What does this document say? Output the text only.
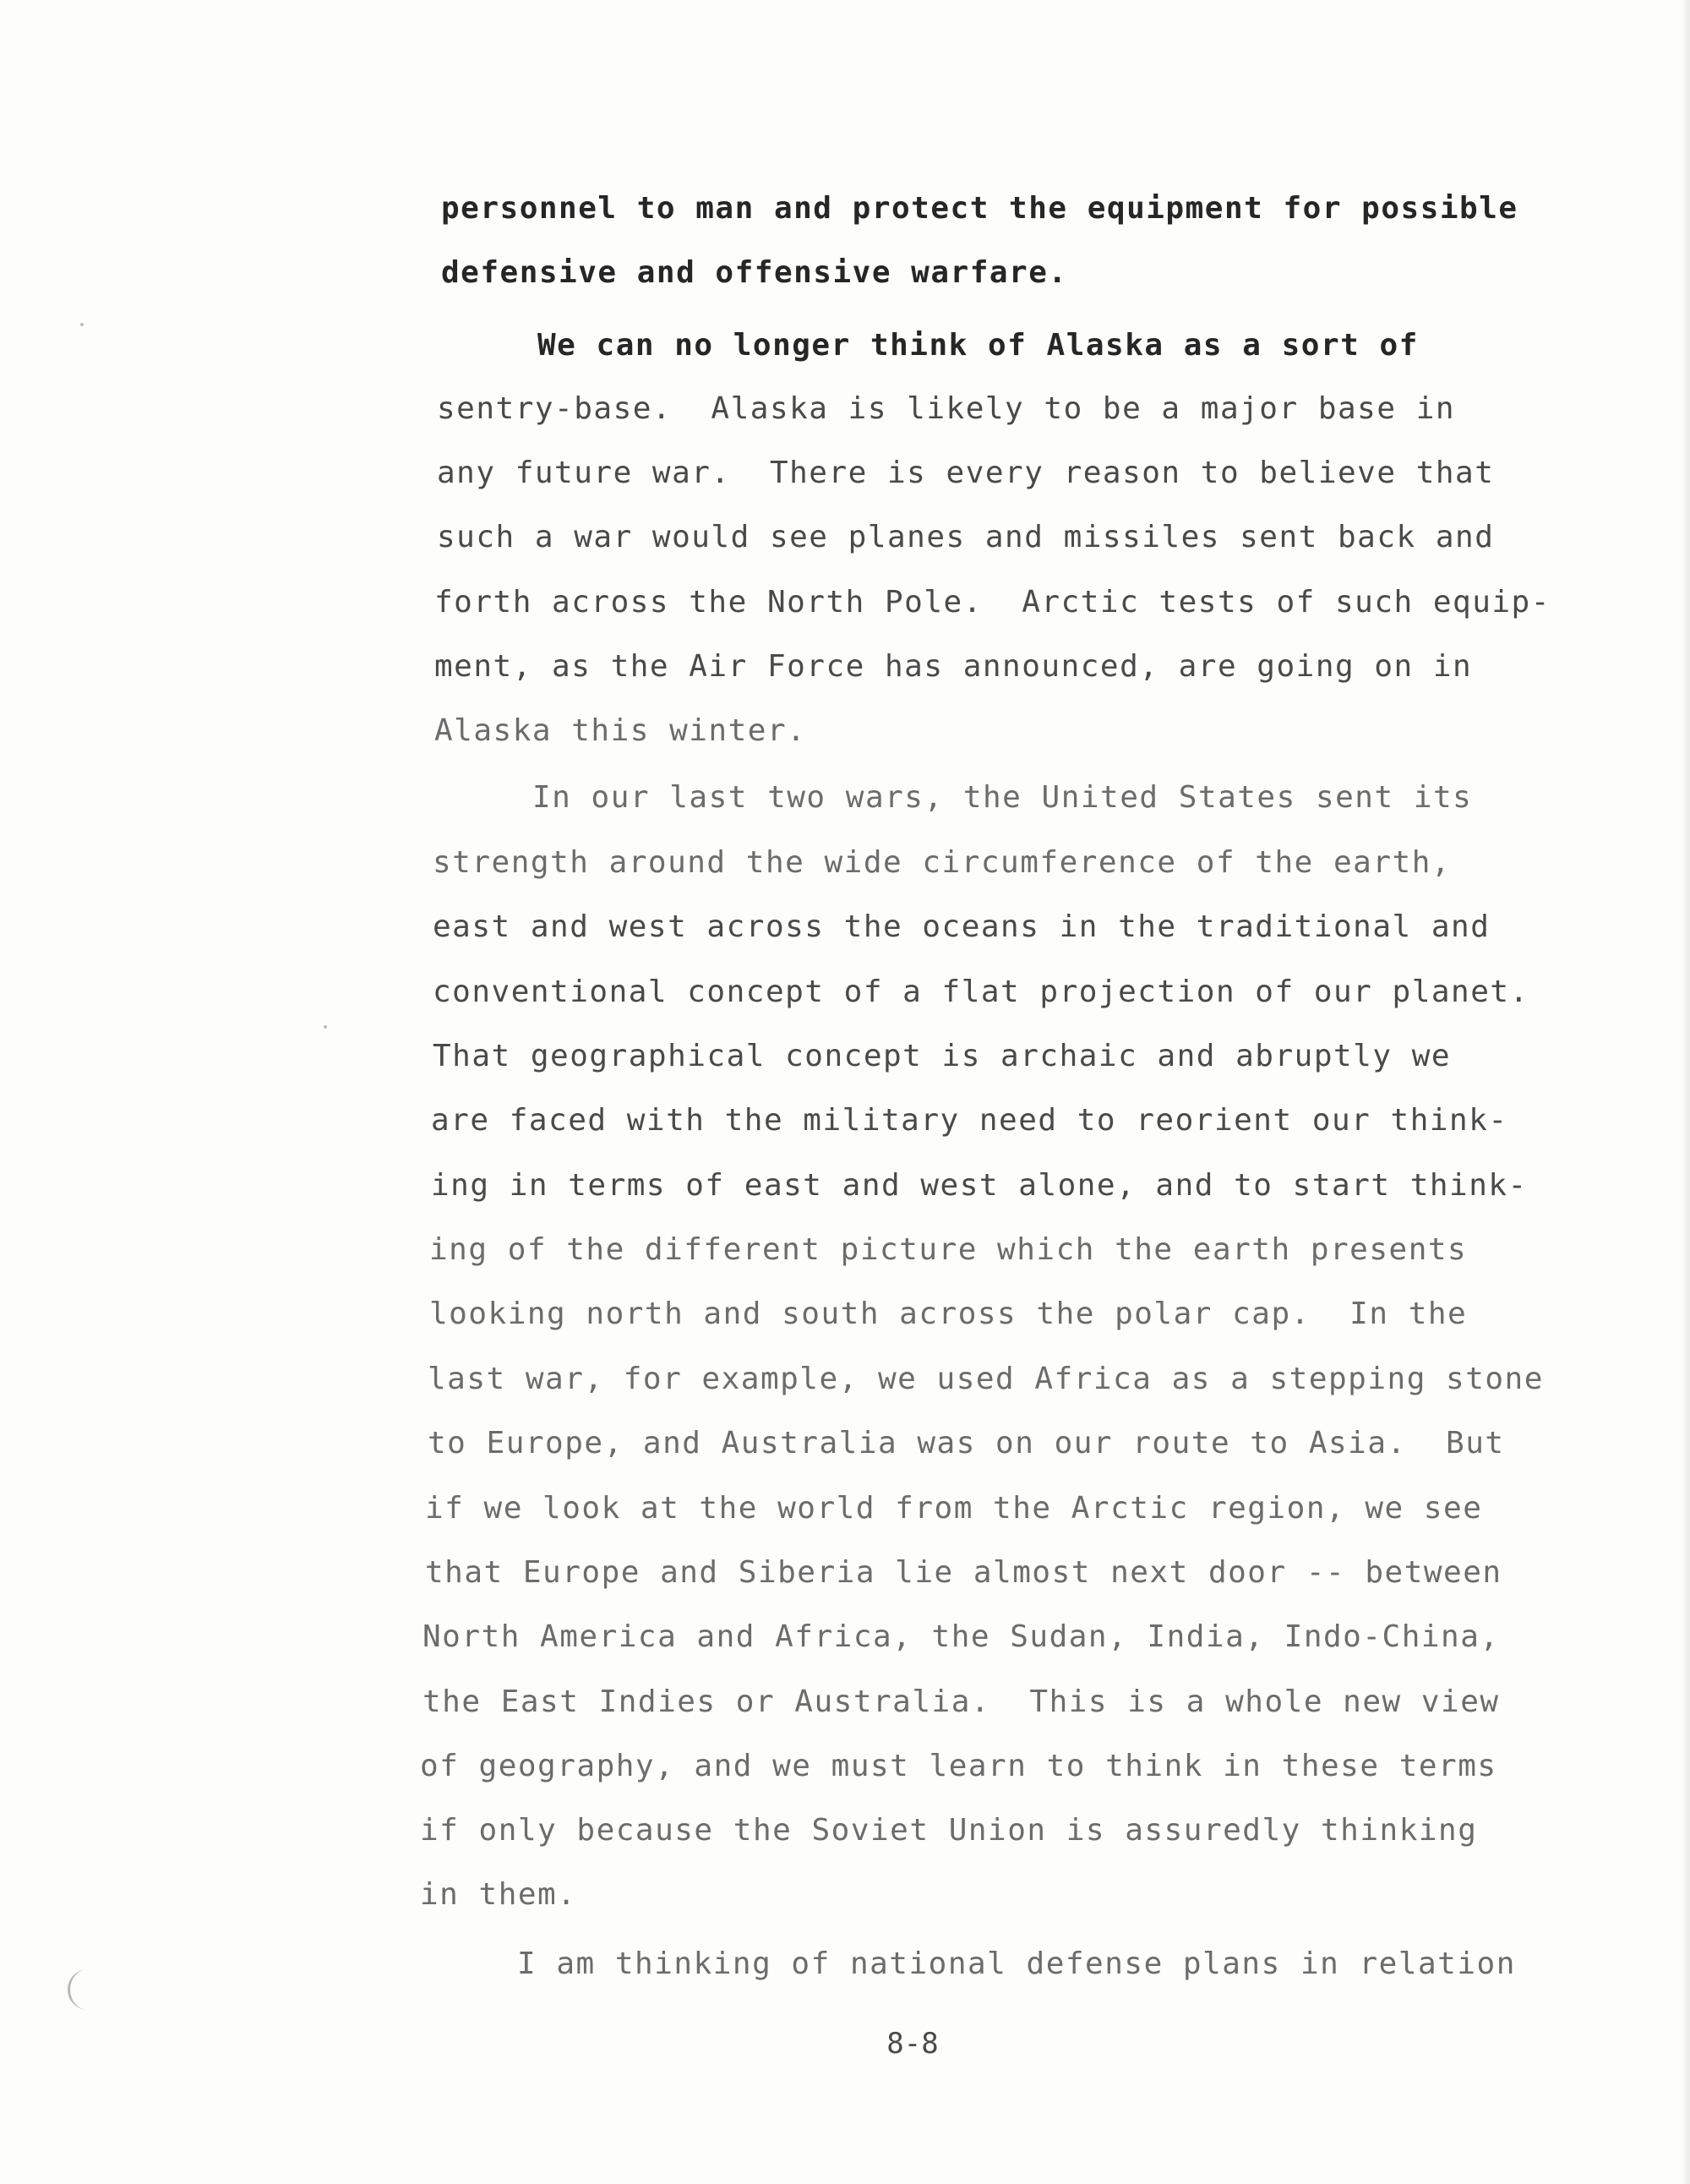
personnel to man and protect the equipment for possible
defensive and offensive warfare.
We can no longer think of Alaska as a sort of
sentry-base.  Alaska is likely to be a major base in
any future war.  There is every reason to believe that
such a war would see planes and missiles sent back and
forth across the North Pole.  Arctic tests of such equip-
ment, as the Air Force has announced, are going on in
Alaska this winter.
In our last two wars, the United States sent its
strength around the wide circumference of the earth,
east and west across the oceans in the traditional and
conventional concept of a flat projection of our planet.
That geographical concept is archaic and abruptly we
are faced with the military need to reorient our think-
ing in terms of east and west alone, and to start think-
ing of the different picture which the earth presents
looking north and south across the polar cap.  In the
last war, for example, we used Africa as a stepping stone
to Europe, and Australia was on our route to Asia.  But
if we look at the world from the Arctic region, we see
that Europe and Siberia lie almost next door -- between
North America and Africa, the Sudan, India, Indo-China,
the East Indies or Australia.  This is a whole new view
of geography, and we must learn to think in these terms
if only because the Soviet Union is assuredly thinking
in them.
I am thinking of national defense plans in relation
8-8
